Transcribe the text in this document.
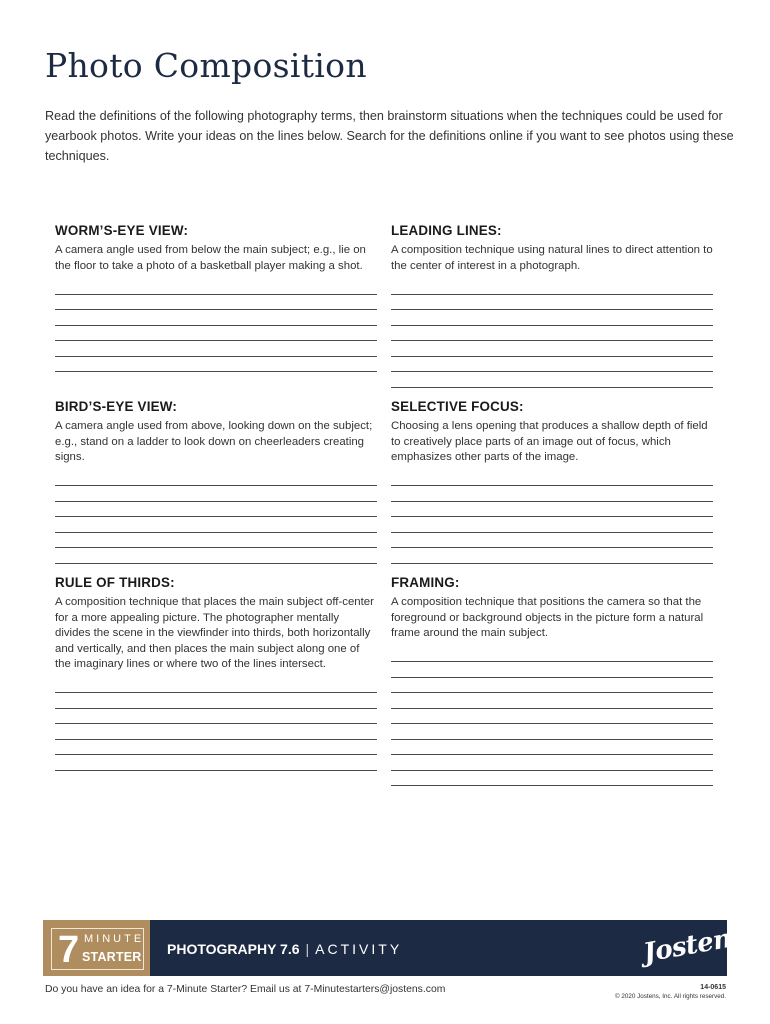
Photo Composition

Read the definitions of the following photography terms, then brainstorm situations when the techniques could be used for yearbook photos. Write your ideas on the lines below. Search for the definitions online if you want to see photos using these techniques.

WORM’S-EYE VIEW:
A camera angle used from below the main subject; e.g., lie on the floor to take a photo of a basketball player making a shot.
LEADING LINES:
A composition technique using natural lines to direct attention to the center of interest in a photograph.
BIRD’S-EYE VIEW:
A camera angle used from above, looking down on the subject; e.g., stand on a ladder to look down on cheerleaders creating signs.
SELECTIVE FOCUS:
Choosing a lens opening that produces a shallow depth of field to creatively place parts of an image out of focus, which emphasizes other parts of the image.
RULE OF THIRDS:
A composition technique that places the main subject off-center for a more appealing picture. The photographer mentally divides the scene in the viewfinder into thirds, both horizontally and vertically, and then places the main subject along one of the imaginary lines or where two of the lines intersect.
FRAMING:
A composition technique that positions the camera so that the foreground or background objects in the picture form a natural frame around the main subject.
7 MINUTE
STARTER PHOTOGRAPHY 7.6 | ACTIVITY	Jostens
Do you have an idea for a 7-Minute Starter? Email us at 7-Minutestarters@jostens.com	14-0615
© 2020 Jostens, Inc. All rights reserved.
